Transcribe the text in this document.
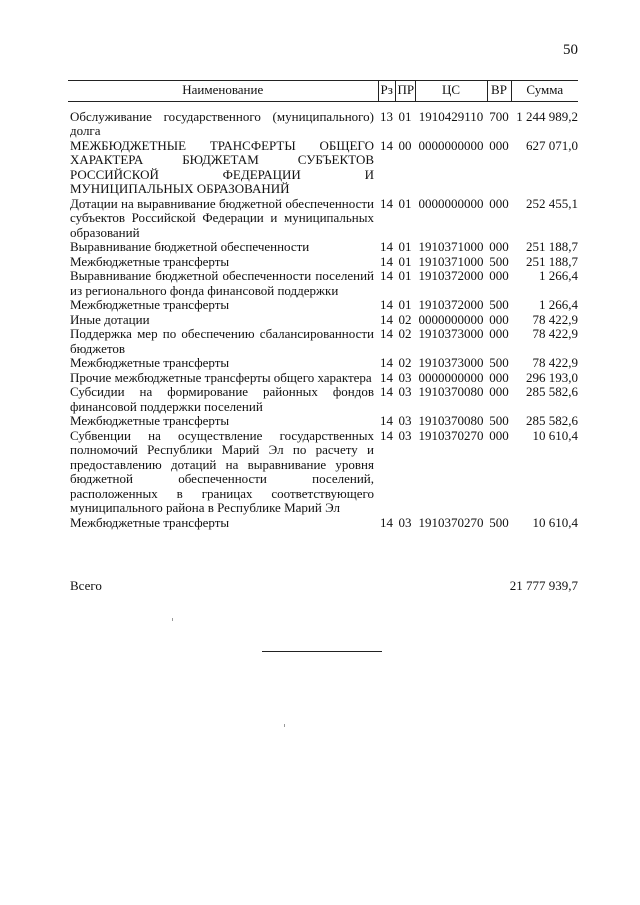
50
Наименование	Рз	ПР	ЦС	ВР	Сумма
Обслуживание государственного (муниципального) долга	13	01	1910429110	700	1 244 989,2
МЕЖБЮДЖЕТНЫЕ ТРАНСФЕРТЫ ОБЩЕГО ХАРАКТЕРА БЮДЖЕТАМ СУБЪЕКТОВ РОССИЙСКОЙ ФЕДЕРАЦИИ И МУНИЦИПАЛЬНЫХ ОБРАЗОВАНИЙ	14	00	0000000000	000	627 071,0
Дотации на выравнивание бюджетной обеспеченности субъектов Российской Федерации и муниципальных образований	14	01	0000000000	000	252 455,1
Выравнивание бюджетной обеспеченности	14	01	1910371000	000	251 188,7
Межбюджетные трансферты	14	01	1910371000	500	251 188,7
Выравнивание бюджетной обеспеченности поселений из регионального фонда финансовой поддержки	14	01	1910372000	000	1 266,4
Межбюджетные трансферты	14	01	1910372000	500	1 266,4
Иные дотации	14	02	0000000000	000	78 422,9
Поддержка мер по обеспечению сбалансированности бюджетов	14	02	1910373000	000	78 422,9
Межбюджетные трансферты	14	02	1910373000	500	78 422,9
Прочие межбюджетные трансферты общего характера	14	03	0000000000	000	296 193,0
Субсидии на формирование районных фондов финансовой поддержки поселений	14	03	1910370080	000	285 582,6
Межбюджетные трансферты	14	03	1910370080	500	285 582,6
Субвенции на осуществление государственных полномочий Республики Марий Эл по расчету и предоставлению дотаций на выравнивание уровня бюджетной обеспеченности поселений, расположенных в границах соответствующего муниципального района в Республике Марий Эл	14	03	1910370270	000	10 610,4
Межбюджетные трансферты	14	03	1910370270	500	10 610,4
Всего	21 777 939,7
